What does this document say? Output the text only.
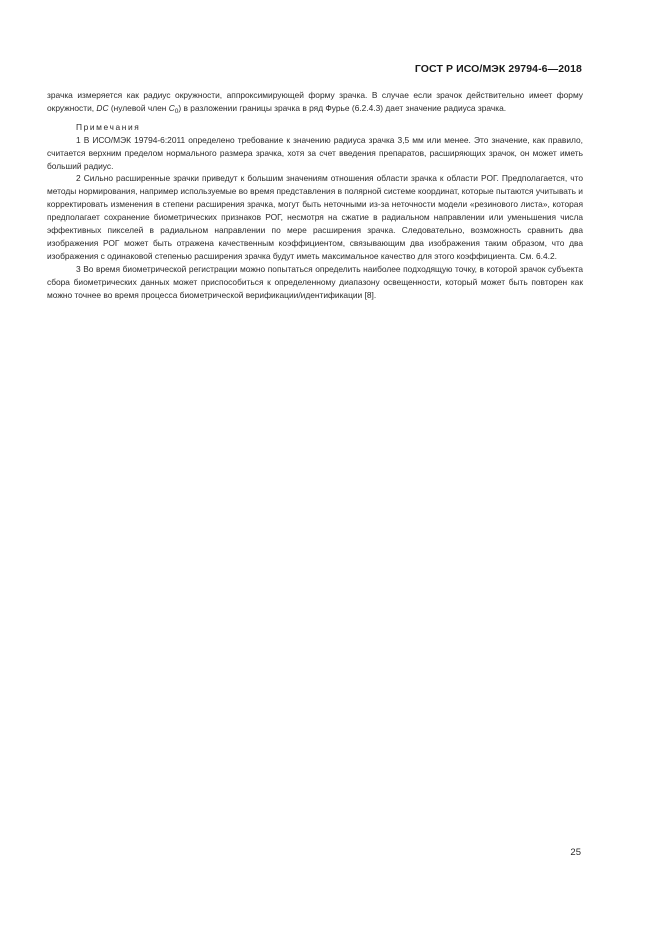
ГОСТ Р ИСО/МЭК 29794-6—2018

зрачка измеряется как радиус окружности, аппроксимирующей форму зрачка. В случае если зрачок действительно имеет форму окружности, DC (нулевой член $C_0$) в разложении границы зрачка в ряд Фурье (6.2.4.3) дает значение радиуса зрачка.

Примечания

1 В ИСО/МЭК 19794-6:2011 определено требование к значению радиуса зрачка 3,5 мм или менее. Это значение, как правило, считается верхним пределом нормального размера зрачка, хотя за счет введения препаратов, расширяющих зрачок, он может иметь больший радиус.

2 Сильно расширенные зрачки приведут к большим значениям отношения области зрачка к области РОГ. Предполагается, что методы нормирования, например используемые во время представления в полярной системе координат, которые пытаются учитывать и корректировать изменения в степени расширения зрачка, могут быть неточными из-за неточности модели «резинового листа», которая предполагает сохранение биометрических признаков РОГ, несмотря на сжатие в радиальном направлении или уменьшения числа эффективных пикселей в радиальном направлении по мере расширения зрачка. Следовательно, возможность сравнить два изображения РОГ может быть отражена качественным коэффициентом, связывающим два изображения таким образом, что два изображения с одинаковой степенью расширения зрачка будут иметь максимальное качество для этого коэффициента. См. 6.4.2.

3 Во время биометрической регистрации можно попытаться определить наиболее подходящую точку, в которой зрачок субъекта сбора биометрических данных может приспособиться к определенному диапазону освещенности, который может быть повторен как можно точнее во время процесса биометрической верификации/идентификации [8].

25
